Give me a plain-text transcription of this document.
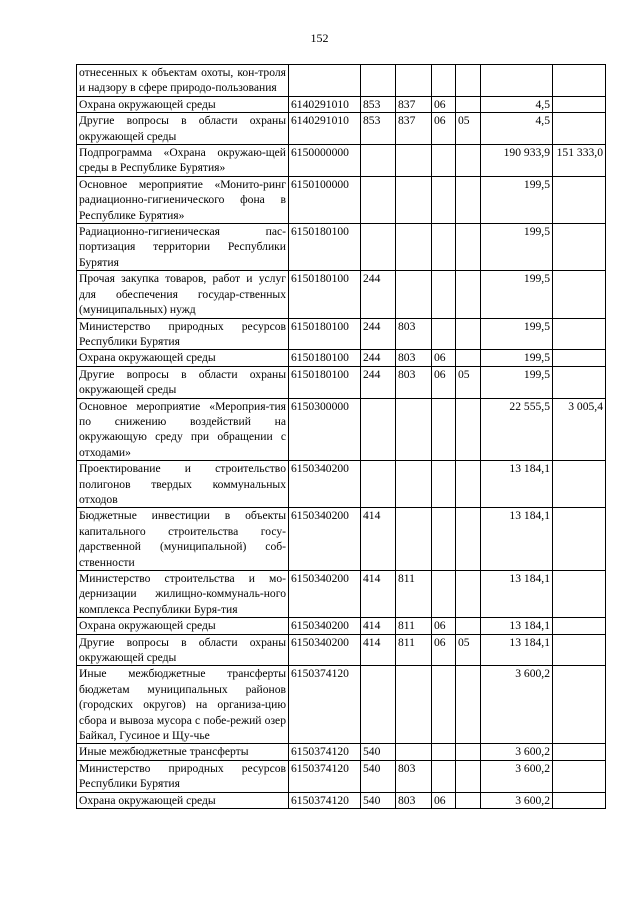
152
отнесенных к объектам охоты, кон-троля и надзору в сфере природо-пользования							
Охрана окружающей среды	6140291010	853	837	06		4,5	
Другие вопросы в области охраны окружающей среды	6140291010	853	837	06	05	4,5	
Подпрограмма «Охрана окружаю-щей среды в Республике Бурятия»	6150000000					190 933,9	151 333,0
Основное мероприятие «Монито-ринг радиационно-гигиенического фона в Республике Бурятия»	6150100000					199,5	
Радиационно-гигиеническая пас-портизация территории Республики Бурятия	6150180100					199,5	
Прочая закупка товаров, работ и услуг для обеспечения государ-ственных (муниципальных) нужд	6150180100	244				199,5	
Министерство природных ресурсов Республики Бурятия	6150180100	244	803			199,5	
Охрана окружающей среды	6150180100	244	803	06		199,5	
Другие вопросы в области охраны окружающей среды	6150180100	244	803	06	05	199,5	
Основное мероприятие «Мероприя-тия по снижению воздействий на окружающую среду при обращении с отходами»	6150300000					22 555,5	3 005,4
Проектирование и строительство полигонов твердых коммунальных отходов	6150340200					13 184,1	
Бюджетные инвестиции в объекты капитального строительства госу-дарственной (муниципальной) соб-ственности	6150340200	414				13 184,1	
Министерство строительства и мо-дернизации жилищно-коммуналь-ного комплекса Республики Буря-тия	6150340200	414	811			13 184,1	
Охрана окружающей среды	6150340200	414	811	06		13 184,1	
Другие вопросы в области охраны окружающей среды	6150340200	414	811	06	05	13 184,1	
Иные межбюджетные трансферты бюджетам муниципальных районов (городских округов) на организа-цию сбора и вывоза мусора с побе-режий озер Байкал, Гусиное и Щу-чье	6150374120					3 600,2	
Иные межбюджетные трансферты	6150374120	540				3 600,2	
Министерство природных ресурсов Республики Бурятия	6150374120	540	803			3 600,2	
Охрана окружающей среды	6150374120	540	803	06		3 600,2	
